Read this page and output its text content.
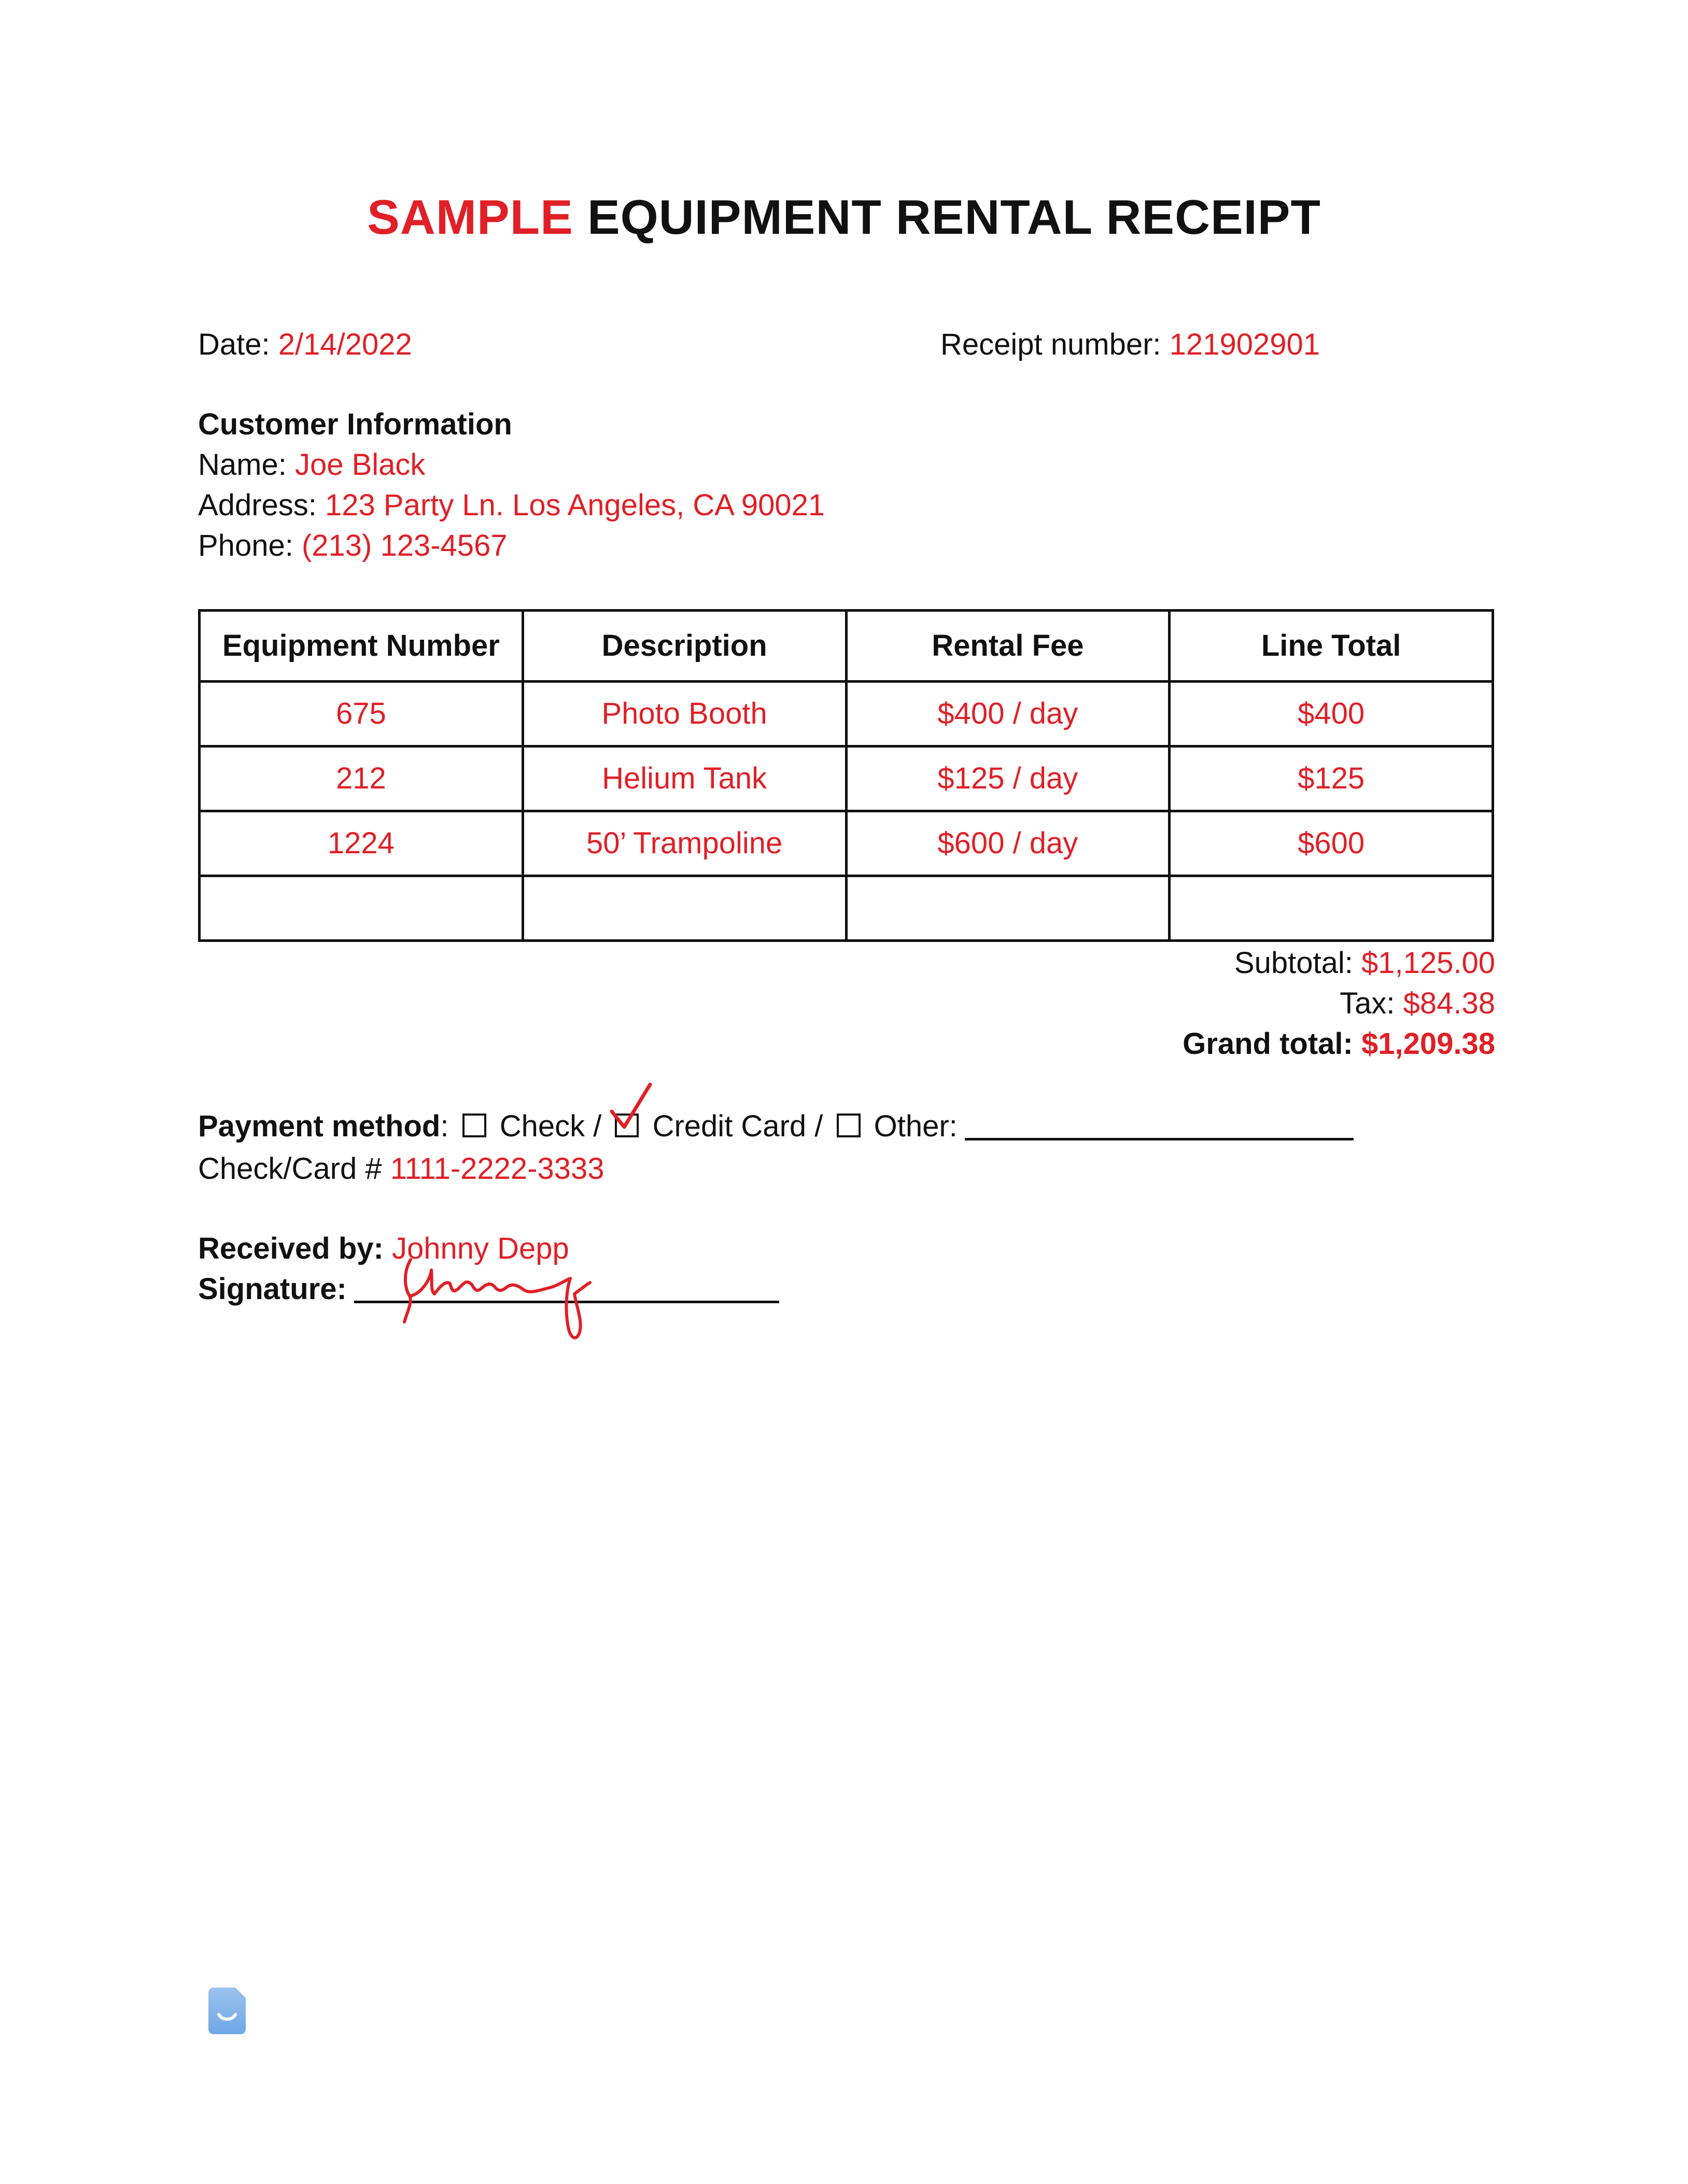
SAMPLE EQUIPMENT RENTAL RECEIPT
Date: 2/14/2022	Receipt number: 121902901
Customer Information
Name: Joe Black
Address: 123 Party Ln. Los Angeles, CA 90021
Phone: (213) 123-4567
Equipment Number	Description	Rental Fee	Line Total
675	Photo Booth	$400 / day	$400
212	Helium Tank	$125 / day	$125
1224	50’ Trampoline	$600 / day	$600

Subtotal: $1,125.00
Tax: $84.38
Grand total: $1,209.38
Payment method: Check / Credit Card / Other:
Check/Card # 1111-2222-3333
Received by: Johnny Depp
Signature:
